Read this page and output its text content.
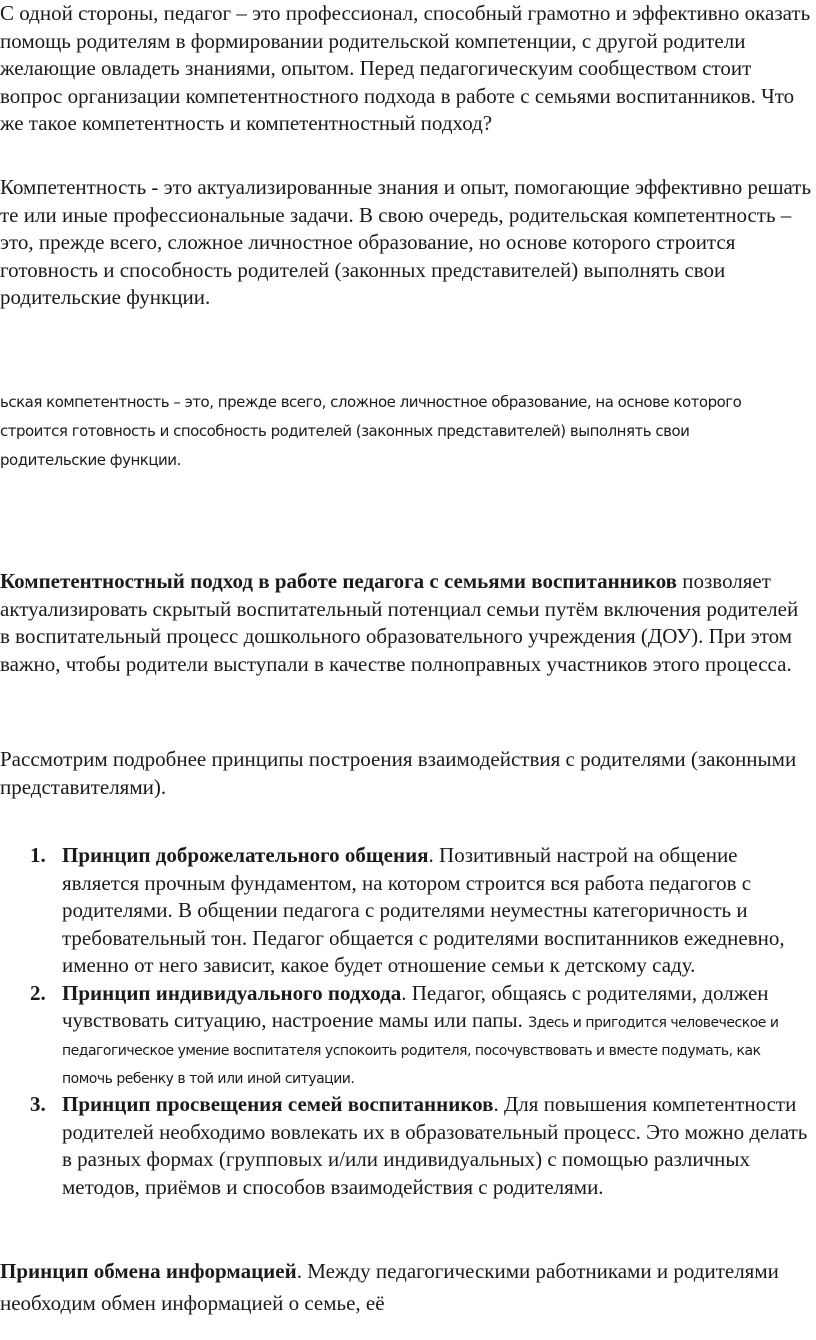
С одной стороны, педагог – это профессионал, способный грамотно и эффективно оказать помощь родителям в формировании родительской компетенции, с другой родители желающие овладеть знаниями, опытом. Перед педагогическуим сообществом стоит вопрос организации компетентностного подхода в работе с семьями воспитанников. Что же такое компетентность и компетентностный подход?

Компетентность - это актуализированные знания и опыт, помогающие эффективно решать те или иные профессиональные задачи. В свою очередь, родительская компетентность – это, прежде всего, сложное личностное образование, но основе которого строится готовность и способность родителей (законных представителей) выполнять свои родительские функции.

ьская компетентность – это, прежде всего, сложное личностное образование, на основе которого
строится готовность и способность родителей (законных представителей) выполнять свои
родительские функции.

Компетентностный подход в работе педагога с семьями воспитанников позволяет актуализировать скрытый воспитательный потенциал семьи путём включения родителей в воспитательный процесс дошкольного образовательного учреждения (ДОУ). При этом важно, чтобы родители выступали в качестве полноправных участников этого процесса.

Рассмотрим подробнее принципы построения взаимодействия с родителями (законными представителями).

1. Принцип доброжелательного общения. Позитивный настрой на общение является прочным фундаментом, на котором строится вся работа педагогов с родителями. В общении педагога с родителями неуместны категоричность и требовательный тон. Педагог общается с родителями воспитанников ежедневно, именно от него зависит, какое будет отношение семьи к детскому саду.
2. Принцип индивидуального подхода. Педагог, общаясь с родителями, должен чувствовать ситуацию, настроение мамы или папы. Здесь и пригодится человеческое и педагогическое умение воспитателя успокоить родителя, посочувствовать и вместе подумать, как помочь ребенку в той или иной ситуации.
3. Принцип просвещения семей воспитанников. Для повышения компетентности родителей необходимо вовлекать их в образовательный процесс. Это можно делать в разных формах (групповых и/или индивидуальных) с помощью различных методов, приёмов и способов взаимодействия с родителями.

Принцип обмена информацией. Между педагогическими работниками и родителями необходим обмен информацией о семье, её
